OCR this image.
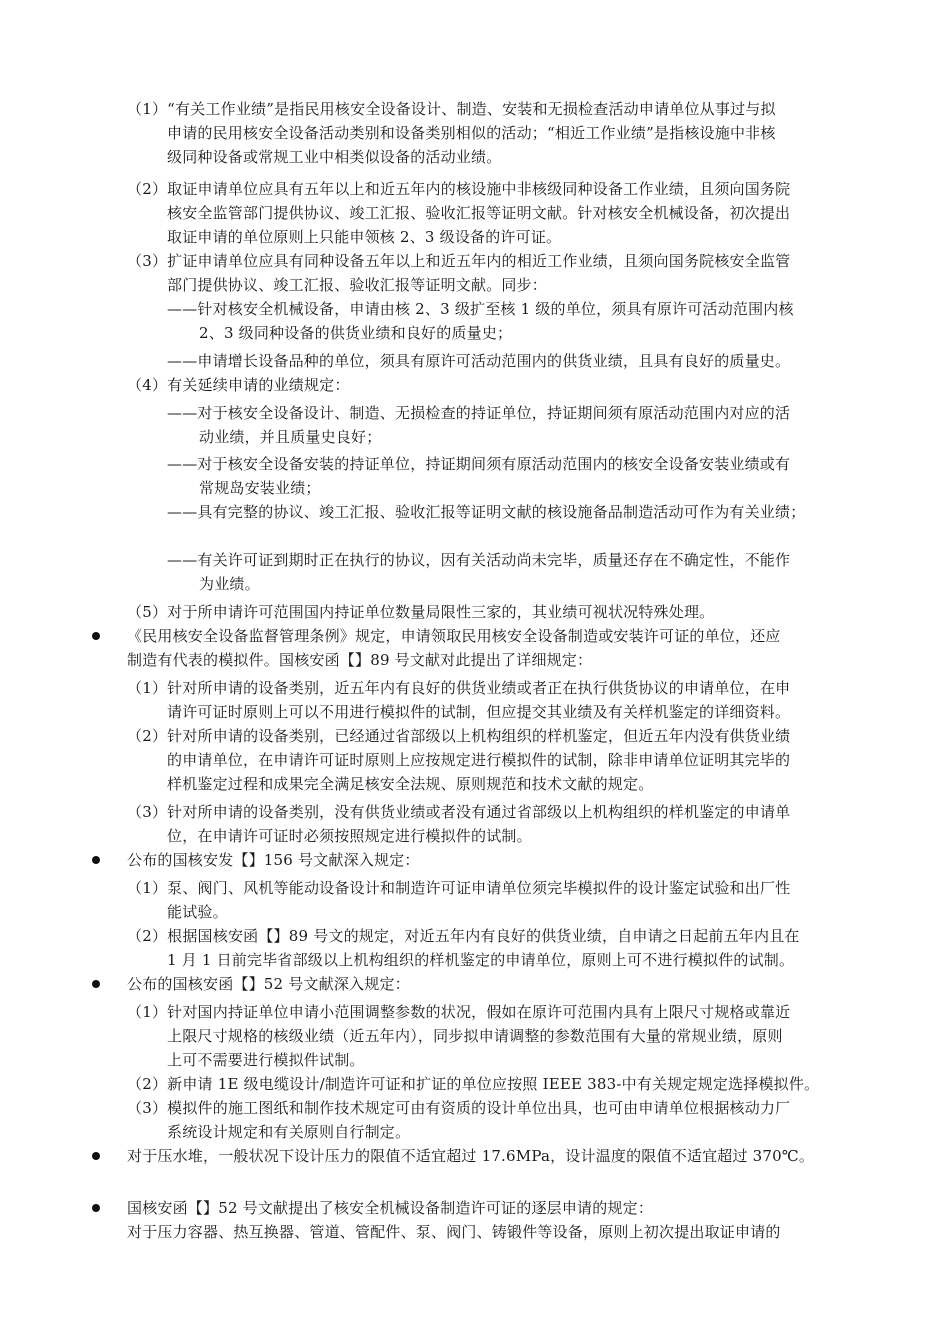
（1）“有关工作业绩”是指民用核安全设备设计、制造、安装和无损检查活动申请单位从事过与拟
申请的民用核安全设备活动类别和设备类别相似的活动；“相近工作业绩”是指核设施中非核
级同种设备或常规工业中相类似设备的活动业绩。
（2）取证申请单位应具有五年以上和近五年内的核设施中非核级同种设备工作业绩，且须向国务院
核安全监管部门提供协议、竣工汇报、验收汇报等证明文献。针对核安全机械设备，初次提出
取证申请的单位原则上只能申领核 2、3 级设备的许可证。
（3）扩证申请单位应具有同种设备五年以上和近五年内的相近工作业绩，且须向国务院核安全监管
部门提供协议、竣工汇报、验收汇报等证明文献。同步：
——针对核安全机械设备，申请由核 2、3 级扩至核 1 级的单位，须具有原许可活动范围内核
2、3 级同种设备的供货业绩和良好的质量史；
——申请增长设备品种的单位，须具有原许可活动范围内的供货业绩，且具有良好的质量史。
（4）有关延续申请的业绩规定：
——对于核安全设备设计、制造、无损检查的持证单位，持证期间须有原活动范围内对应的活
动业绩，并且质量史良好；
——对于核安全设备安装的持证单位，持证期间须有原活动范围内的核安全设备安装业绩或有
常规岛安装业绩；
——具有完整的协议、竣工汇报、验收汇报等证明文献的核设施备品制造活动可作为有关业绩；
——有关许可证到期时正在执行的协议，因有关活动尚未完毕，质量还存在不确定性，不能作
为业绩。
（5）对于所申请许可范围国内持证单位数量局限性三家的，其业绩可视状况特殊处理。
《民用核安全设备监督管理条例》规定，申请领取民用核安全设备制造或安装许可证的单位，还应
制造有代表的模拟件。国核安函【】89 号文献对此提出了详细规定：
（1）针对所申请的设备类别，近五年内有良好的供货业绩或者正在执行供货协议的申请单位，在申
请许可证时原则上可以不用进行模拟件的试制，但应提交其业绩及有关样机鉴定的详细资料。
（2）针对所申请的设备类别，已经通过省部级以上机构组织的样机鉴定，但近五年内没有供货业绩
的申请单位，在申请许可证时原则上应按规定进行模拟件的试制，除非申请单位证明其完毕的
样机鉴定过程和成果完全满足核安全法规、原则规范和技术文献的规定。
（3）针对所申请的设备类别，没有供货业绩或者没有通过省部级以上机构组织的样机鉴定的申请单
位，在申请许可证时必须按照规定进行模拟件的试制。
公布的国核安发【】156 号文献深入规定：
（1）泵、阀门、风机等能动设备设计和制造许可证申请单位须完毕模拟件的设计鉴定试验和出厂性
能试验。
（2）根据国核安函【】89 号文的规定，对近五年内有良好的供货业绩，自申请之日起前五年内且在
1 月 1 日前完毕省部级以上机构组织的样机鉴定的申请单位，原则上可不进行模拟件的试制。
公布的国核安函【】52 号文献深入规定：
（1）针对国内持证单位申请小范围调整参数的状况，假如在原许可范围内具有上限尺寸规格或靠近
上限尺寸规格的核级业绩（近五年内），同步拟申请调整的参数范围有大量的常规业绩，原则
上可不需要进行模拟件试制。
（2）新申请 1E 级电缆设计/制造许可证和扩证的单位应按照 IEEE 383-中有关规定规定选择模拟件。
（3）模拟件的施工图纸和制作技术规定可由有资质的设计单位出具，也可由申请单位根据核动力厂
系统设计规定和有关原则自行制定。
对于压水堆，一般状况下设计压力的限值不适宜超过 17.6MPa，设计温度的限值不适宜超过 370℃。
国核安函【】52 号文献提出了核安全机械设备制造许可证的逐层申请的规定：
对于压力容器、热互换器、管道、管配件、泵、阀门、铸锻件等设备，原则上初次提出取证申请的
